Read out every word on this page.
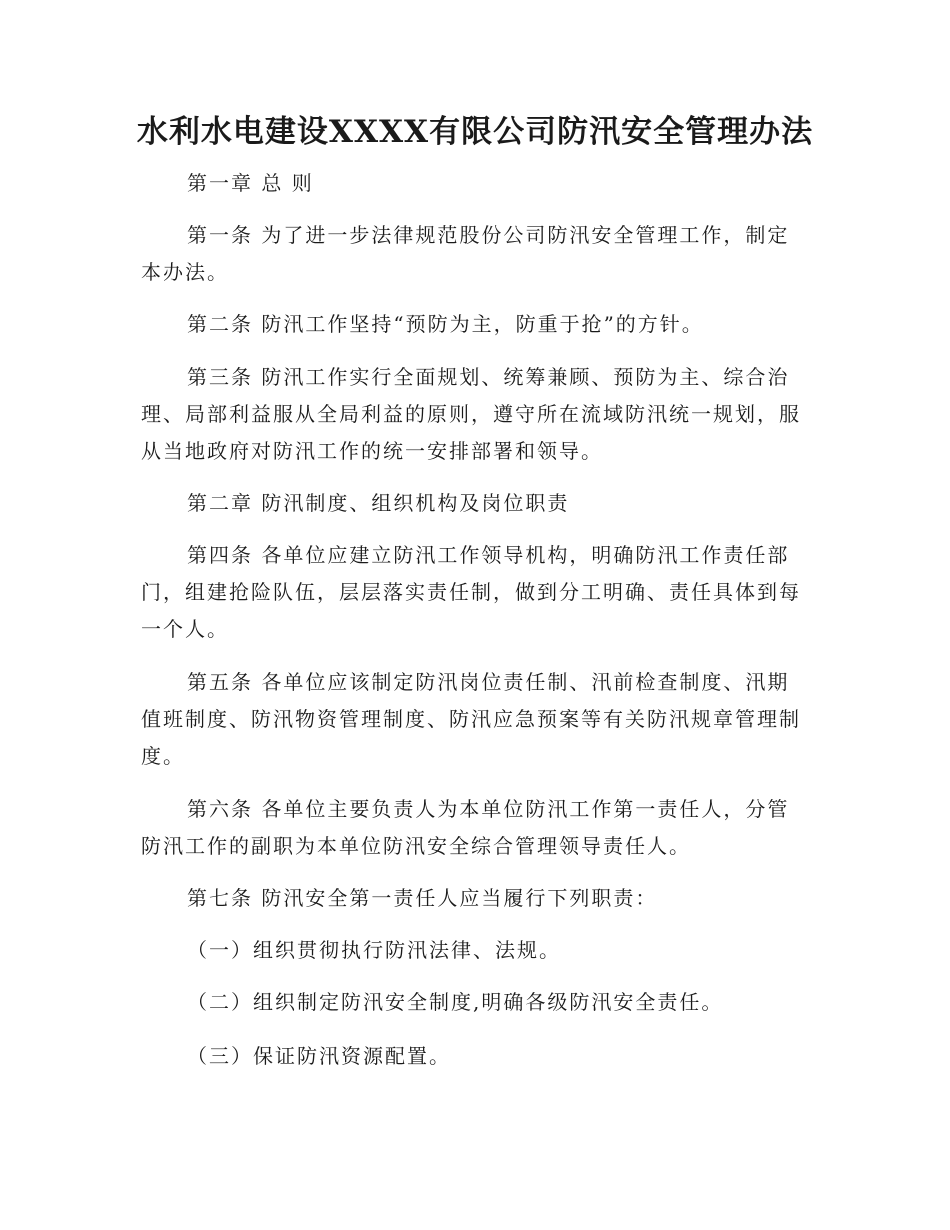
水利水电建设XXXX有限公司防汛安全管理办法
第一章 总 则

第一条 为了进一步法律规范股份公司防汛安全管理工作，制定本办法。

第二条 防汛工作坚持“预防为主，防重于抢”的方针。

第三条 防汛工作实行全面规划、统筹兼顾、预防为主、综合治理、局部利益服从全局利益的原则，遵守所在流域防汛统一规划，服从当地政府对防汛工作的统一安排部署和领导。

第二章 防汛制度、组织机构及岗位职责

第四条 各单位应建立防汛工作领导机构，明确防汛工作责任部门，组建抢险队伍，层层落实责任制，做到分工明确、责任具体到每一个人。

第五条 各单位应该制定防汛岗位责任制、汛前检查制度、汛期值班制度、防汛物资管理制度、防汛应急预案等有关防汛规章管理制度。

第六条 各单位主要负责人为本单位防汛工作第一责任人，分管防汛工作的副职为本单位防汛安全综合管理领导责任人。

第七条 防汛安全第一责任人应当履行下列职责：
（一）组织贯彻执行防汛法律、法规。
（二）组织制定防汛安全制度,明确各级防汛安全责任。
（三）保证防汛资源配置。
